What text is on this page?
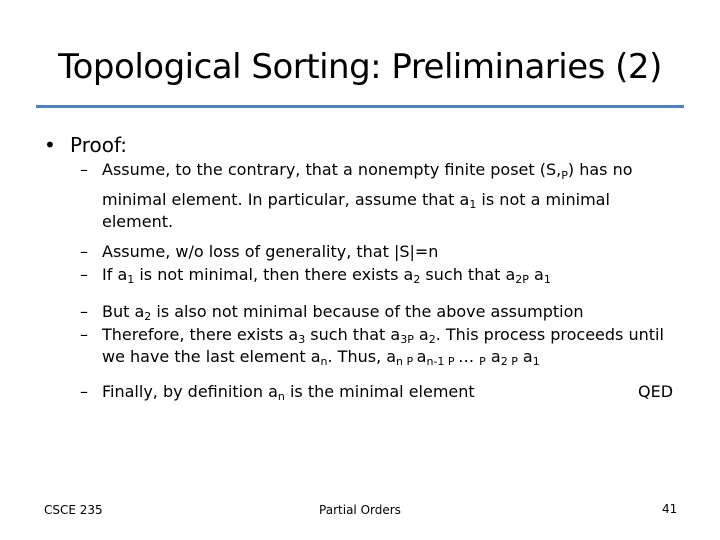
Topological Sorting: Preliminaries (2)
• Proof:
– Assume, to the contrary, that a nonempty finite poset (S,P) has no
minimal element. In particular, assume that $a_1$ is not a minimal
element.
– Assume, w/o loss of generality, that |S|=n
– If $a_1$ is not minimal, then there exists $a_2$ such that $a_2P$ $a_1$
– But $a_2$ is also not minimal because of the above assumption
– Therefore, there exists $a_3$ such that $a_3P$ $a_2$. This process proceeds until
we have the last element $a_n$. Thus, $a_n$ P $a_{n-1}$ P … P $a_2$ P $a_1$
– Finally, by definition $a_n$ is the minimal element	QED
CSCE 235	Partial Orders	41
